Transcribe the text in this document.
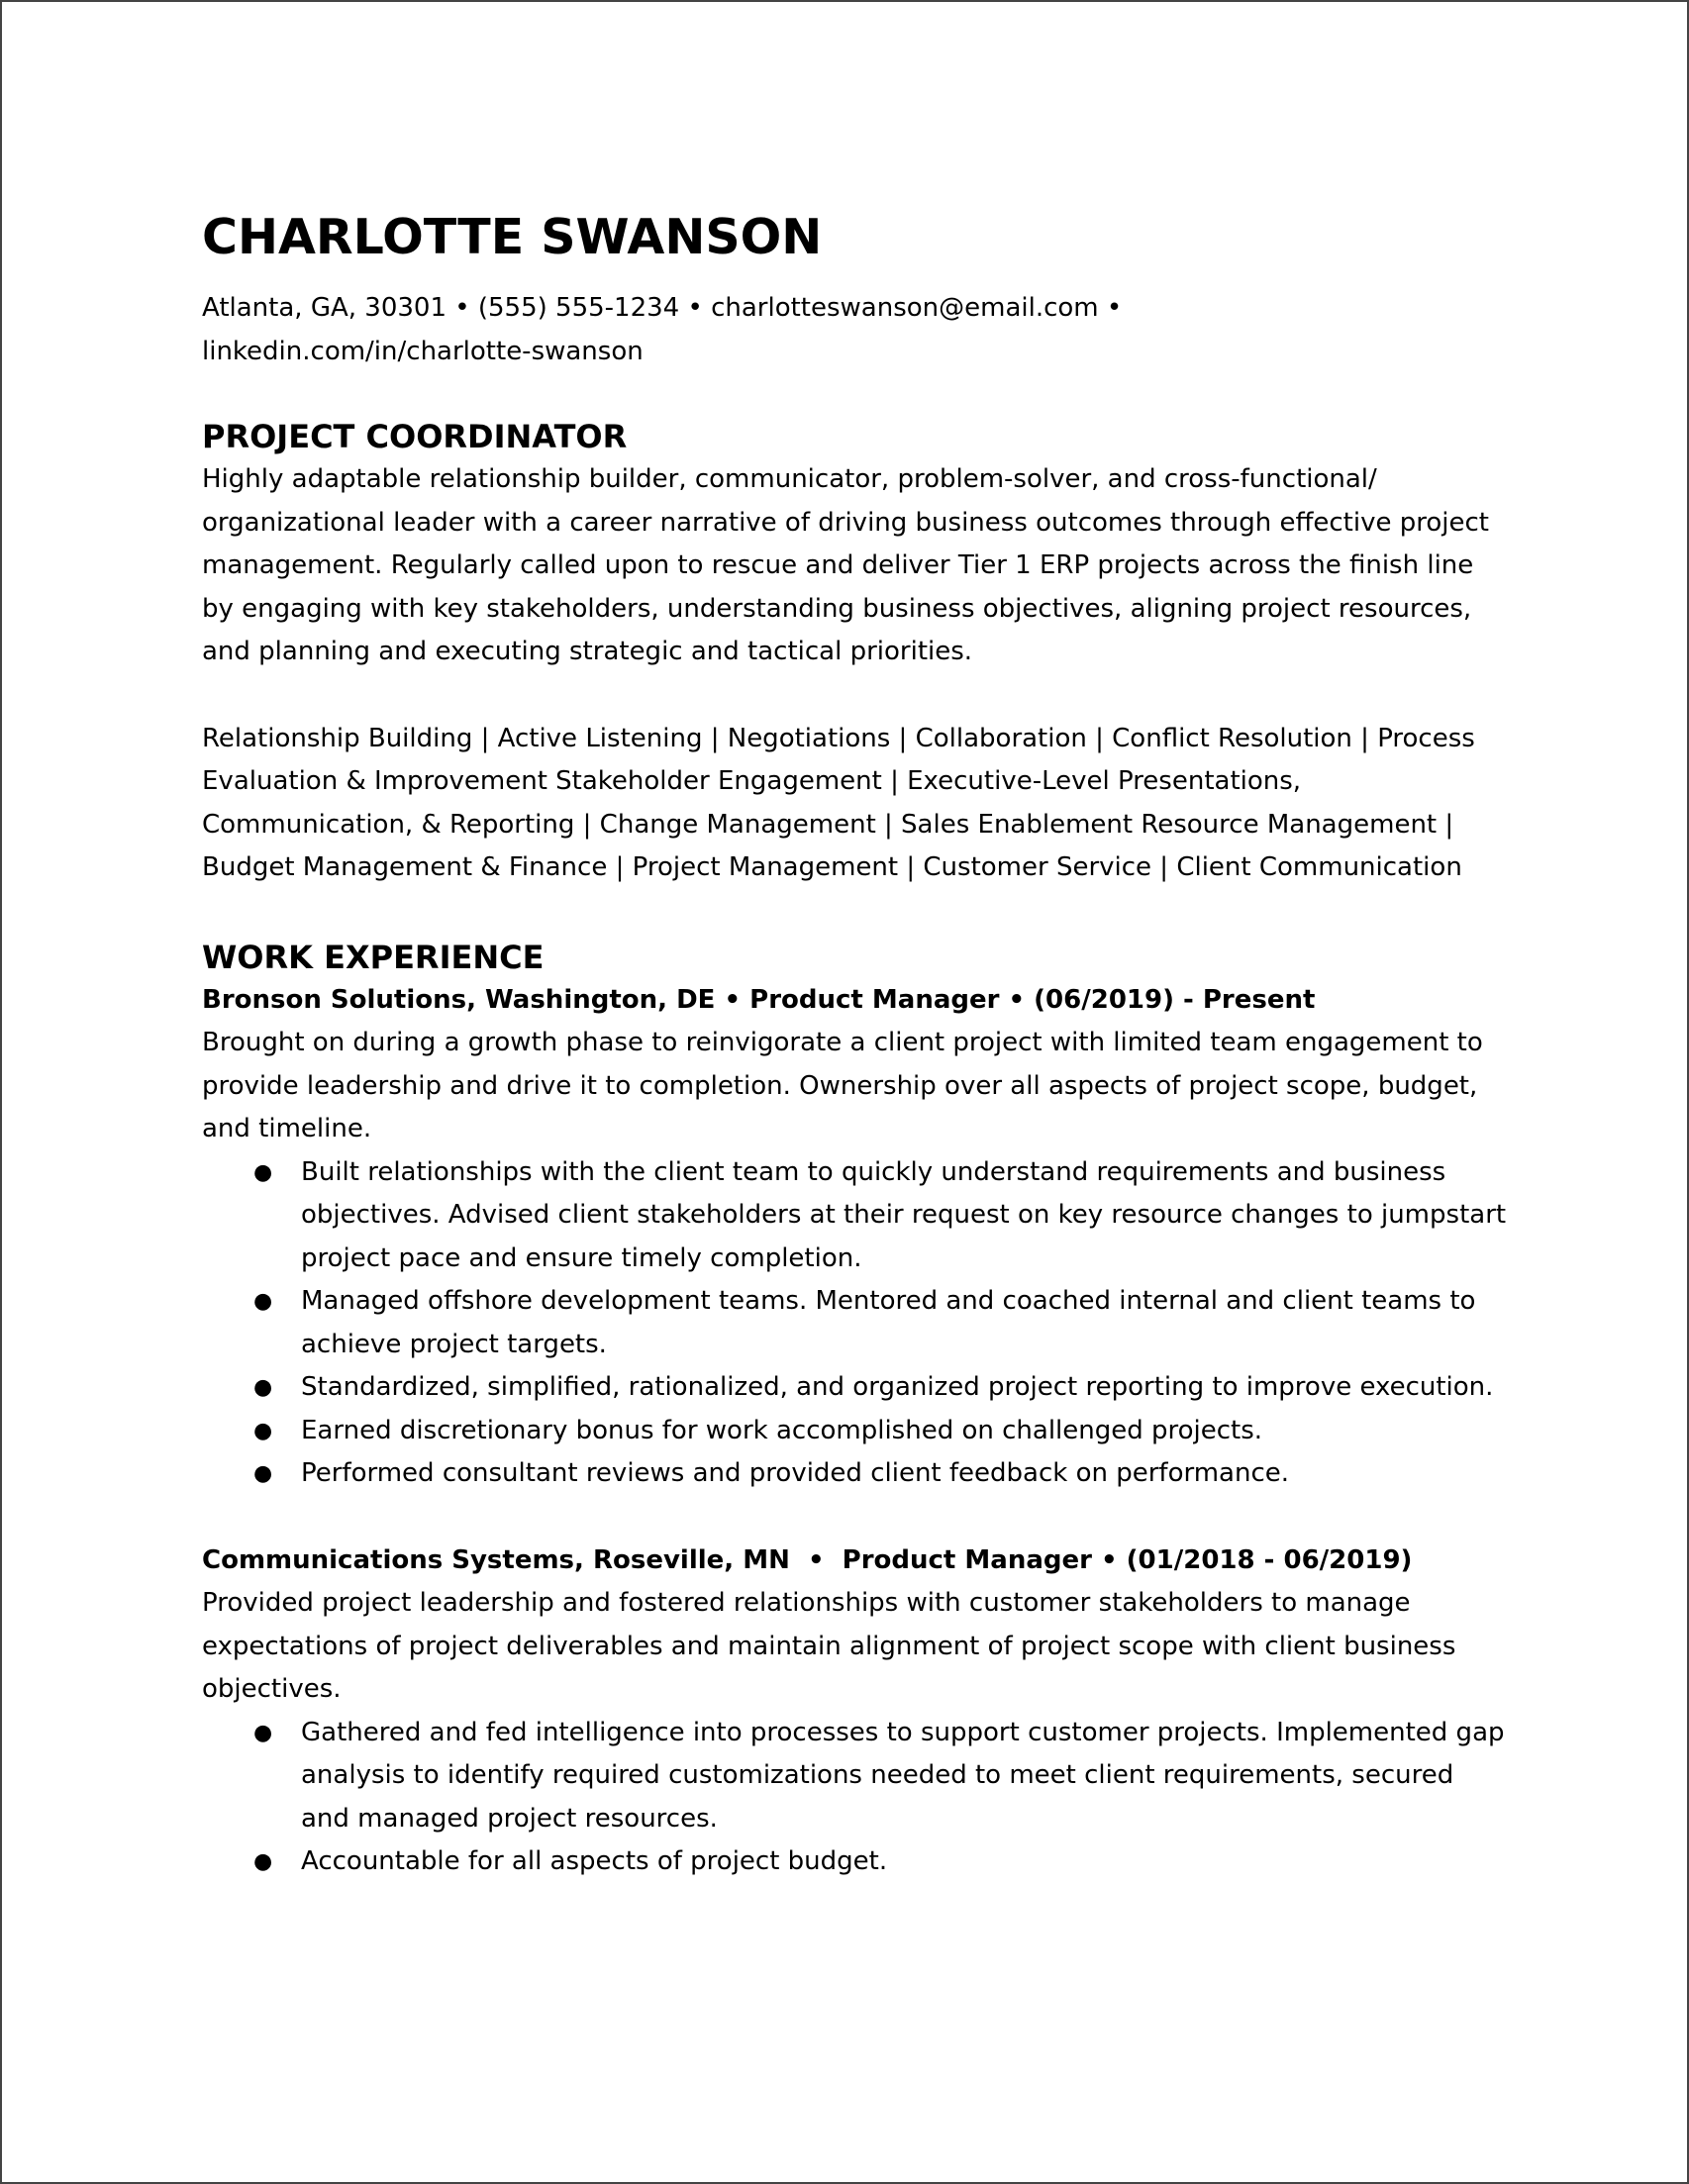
CHARLOTTE SWANSON
Atlanta, GA, 30301 • (555) 555-1234 • charlotteswanson@email.com • linkedin.com/in/charlotte-swanson
PROJECT COORDINATOR

Highly adaptable relationship builder, communicator, problem-solver, and cross-functional/ organizational leader with a career narrative of driving business outcomes through effective project management. Regularly called upon to rescue and deliver Tier 1 ERP projects across the finish line by engaging with key stakeholders, understanding business objectives, aligning project resources, and planning and executing strategic and tactical priorities.

Relationship Building | Active Listening | Negotiations | Collaboration | Conflict Resolution | Process Evaluation & Improvement Stakeholder Engagement | Executive-Level Presentations, Communication, & Reporting | Change Management | Sales Enablement Resource Management | Budget Management & Finance | Project Management | Customer Service | Client Communication

WORK EXPERIENCE

Bronson Solutions, Washington, DE • Product Manager • (06/2019) - Present

Brought on during a growth phase to reinvigorate a client project with limited team engagement to provide leadership and drive it to completion. Ownership over all aspects of project scope, budget, and timeline.

● Built relationships with the client team to quickly understand requirements and business objectives. Advised client stakeholders at their request on key resource changes to jumpstart project pace and ensure timely completion.
● Managed offshore development teams. Mentored and coached internal and client teams to achieve project targets.
● Standardized, simplified, rationalized, and organized project reporting to improve execution.
● Earned discretionary bonus for work accomplished on challenged projects.
● Performed consultant reviews and provided client feedback on performance.

Communications Systems, Roseville, MN  •  Product Manager • (01/2018 - 06/2019)

Provided project leadership and fostered relationships with customer stakeholders to manage expectations of project deliverables and maintain alignment of project scope with client business objectives.

● Gathered and fed intelligence into processes to support customer projects. Implemented gap analysis to identify required customizations needed to meet client requirements, secured and managed project resources.
● Accountable for all aspects of project budget.
